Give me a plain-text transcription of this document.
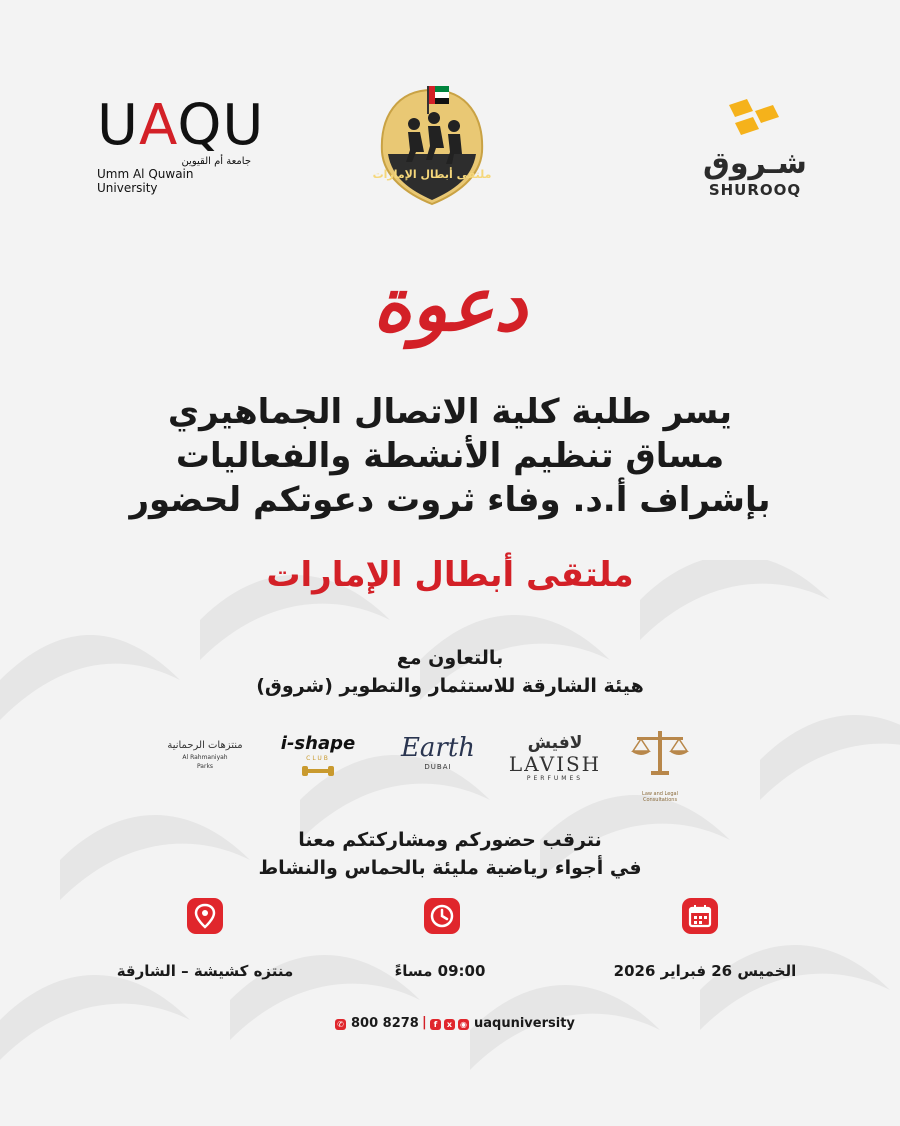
UAQU
جامعة أم القيوين
Umm Al Quwain University
ملتقى أبطال الإمارات	شـروق
SHUROOQ
دعوة
يسر طلبة كلية الاتصال الجماهيري
مساق تنظيم الأنشطة والفعاليات
بإشراف أ.د. وفاء ثروت دعوتكم لحضور
ملتقى أبطال الإمارات
بالتعاون مع
هيئة الشارقة للاستثمار والتطوير (شروق)
Law and Legal Consultations
لافيش
LAVISH
PERFUMES
Earth
DUBAI
i-shape
CLUB
منتزهات الرحمانية
Al Rahmaniyah
Parks
نترقب حضوركم ومشاركتكم معنا
في أجواء رياضية مليئة بالحماس والنشاط
منتزه كشيشة – الشارقة	09:00 مساءً	الخميس 26 فبراير 2026
✆ 800 8278 | f	x ◉ uaquniversity
